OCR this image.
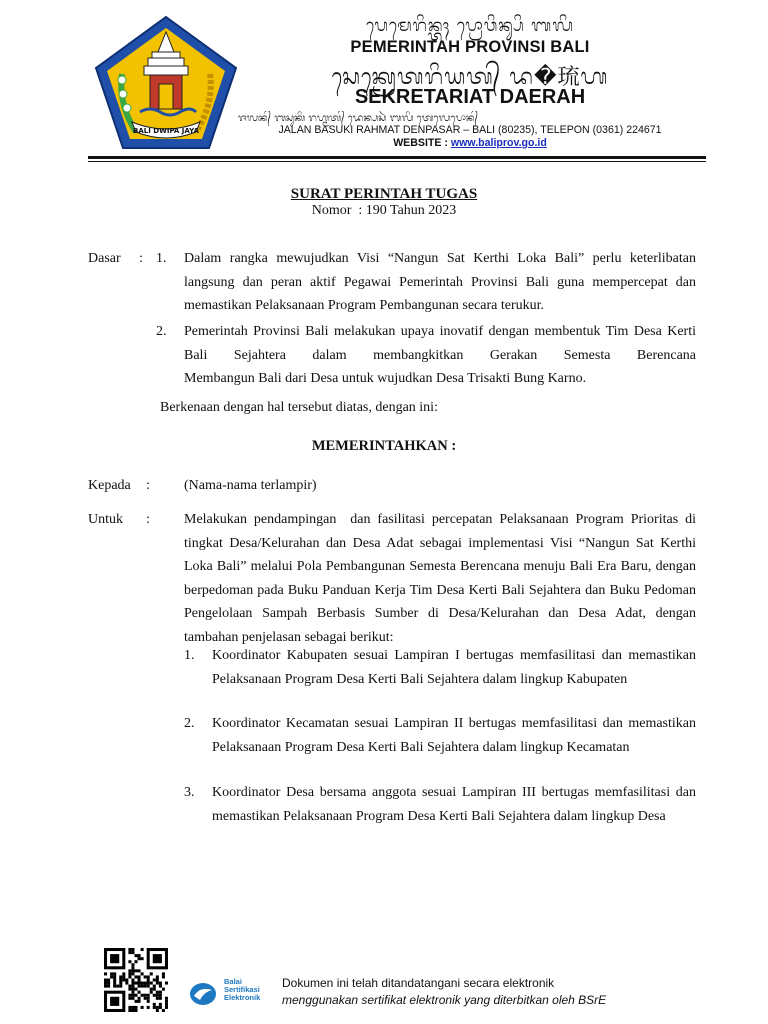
BALI DWIPA JAYA
ᬧᬾᬫᬾᬭᬶᬦ᭄ᬢᬄ ᬧ᭄ᬭᭀᬯᬶᬦ᭄ᬲᬶ ᬩᬮᬶ
PEMERINTAH PROVINSI BALI
ᬲᬾᬓ᭄ᬭᬾᬢᬭᬶᬬᬢ᭄ ᬤ�琉ᬳ
SEKRETARIAT DAERAH
ᬚᬮᬦ᭄ ᬩᬲᬸᬓᬶ ᬭᬳ᭄ᬫᬢ᭄ ᬤᬾᬦ᭄ᬧᬲᬃ ᬩᬮᬶ ᬢᬾᬮᬾᬧᭀᬦ᭄
JALAN BASUKI RAHMAT DENPASAR – BALI (80235), TELEPON (0361) 224671
WEBSITE : www.baliprov.go.id
SURAT PERINTAH TUGAS
Nomor  : 190 Tahun 2023
Dasar : 1. Dalam rangka mewujudkan Visi “Nangun Sat Kerthi Loka Bali” perlu keterlibatan langsung dan peran aktif Pegawai Pemerintah Provinsi Bali guna mempercepat dan memastikan Pelaksanaan Program Pembangunan secara terukur.
2. Pemerintah Provinsi Bali melakukan upaya inovatif dengan membentuk Tim Desa Kerti Bali Sejahtera dalam membangkitkan Gerakan Semesta Berencana
Membangun Bali dari Desa untuk wujudkan Desa Trisakti Bung Karno.
Berkenaan dengan hal tersebut diatas, dengan ini:
MEMERINTAHKAN :
Kepada : (Nama-nama terlampir)
Untuk : Melakukan pendampingan  dan fasilitasi percepatan Pelaksanaan Program Prioritas di tingkat Desa/Kelurahan dan Desa Adat sebagai implementasi Visi “Nangun Sat Kerthi Loka Bali” melalui Pola Pembangunan Semesta Berencana menuju Bali Era Baru, dengan berpedoman pada Buku Panduan Kerja Tim Desa Kerti Bali Sejahtera dan Buku Pedoman Pengelolaan Sampah Berbasis Sumber di Desa/Kelurahan dan Desa Adat, dengan tambahan penjelasan sebagai berikut:
1. Koordinator Kabupaten sesuai Lampiran I bertugas memfasilitasi dan memastikan Pelaksanaan Program Desa Kerti Bali Sejahtera dalam lingkup Kabupaten
2. Koordinator Kecamatan sesuai Lampiran II bertugas memfasilitasi dan memastikan Pelaksanaan Program Desa Kerti Bali Sejahtera dalam lingkup Kecamatan
3. Koordinator Desa bersama anggota sesuai Lampiran III bertugas memfasilitasi dan memastikan Pelaksanaan Program Desa Kerti Bali Sejahtera dalam lingkup Desa
Balai
Sertifikasi
Elektronik
Dokumen ini telah ditandatangani secara elektronik
menggunakan sertifikat elektronik yang diterbitkan oleh BSrE
